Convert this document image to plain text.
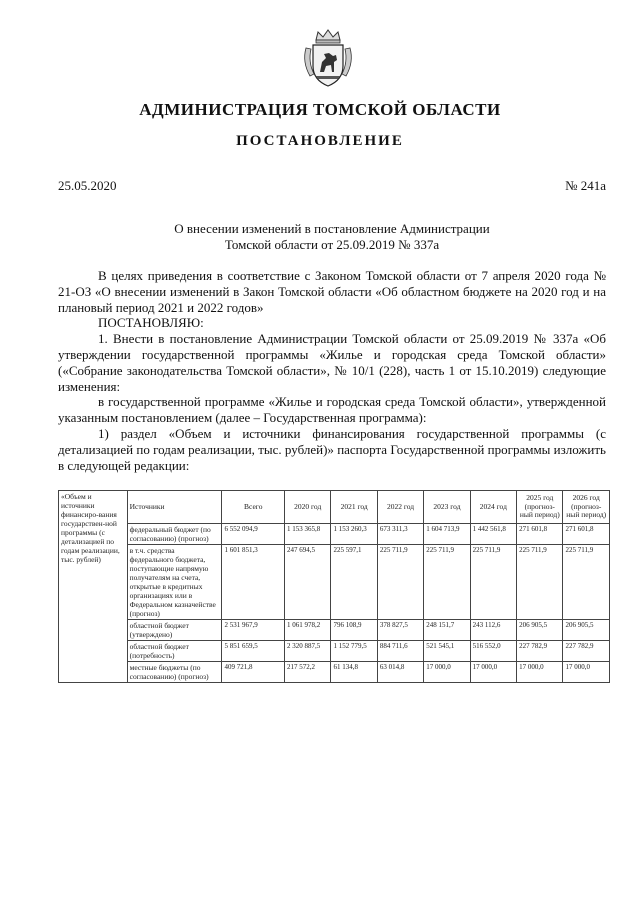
АДМИНИСТРАЦИЯ ТОМСКОЙ ОБЛАСТИ
ПОСТАНОВЛЕНИЕ
25.05.2020	№ 241а
О внесении изменений в постановление Администрации
Томской области от 25.09.2019 № 337а

В целях приведения в соответствие с Законом Томской области от 7 апреля 2020 года № 21-ОЗ «О внесении изменений в Закон Томской области «Об областном бюджете на 2020 год и на плановый период 2021 и 2022 годов»

ПОСТАНОВЛЯЮ:

1. Внести в постановление Администрации Томской области от 25.09.2019 № 337а «Об утверждении государственной программы «Жилье и городская среда Томской области» («Собрание законодательства Томской области», № 10/1 (228), часть 1 от 15.10.2019) следующие изменения:

в государственной программе «Жилье и городская среда Томской области», утвержденной указанным постановлением (далее – Государственная программа):

1) раздел «Объем и источники финансирования государственной программы (с детализацией по годам реализации, тыс. рублей)» паспорта Государственной программы изложить в следующей редакции:

«Объем и источники финансиро-вания государствен-ной программы (с детализацией по годам реализации, тыс. рублей)	Источники	Всего	2020 год	2021 год	2022 год	2023 год	2024 год	2025 год (прогноз-ный период)	2026 год (прогноз-ный период)
	федеральный бюджет (по согласованию) (прогноз)	6 552 094,9	1 153 365,8	1 153 260,3	673 311,3	1 604 713,9	1 442 561,8	271 601,8	271 601,8
	в т.ч. средства федерального бюджета, поступающие напрямую получателям на счета, открытые в кредитных организациях или в Федеральном казначействе (прогноз)	1 601 851,3	247 694,5	225 597,1	225 711,9	225 711,9	225 711,9	225 711,9	225 711,9
	областной бюджет (утверждено)	2 531 967,9	1 061 978,2	796 108,9	378 827,5	248 151,7	243 112,6	206 905,5	206 905,5
	областной бюджет (потребность)	5 851 659,5	2 320 887,5	1 152 779,5	884 711,6	521 545,1	516 552,0	227 782,9	227 782,9
	местные бюджеты (по согласованию) (прогноз)	409 721,8	217 572,2	61 134,8	63 014,8	17 000,0	17 000,0	17 000,0	17 000,0
